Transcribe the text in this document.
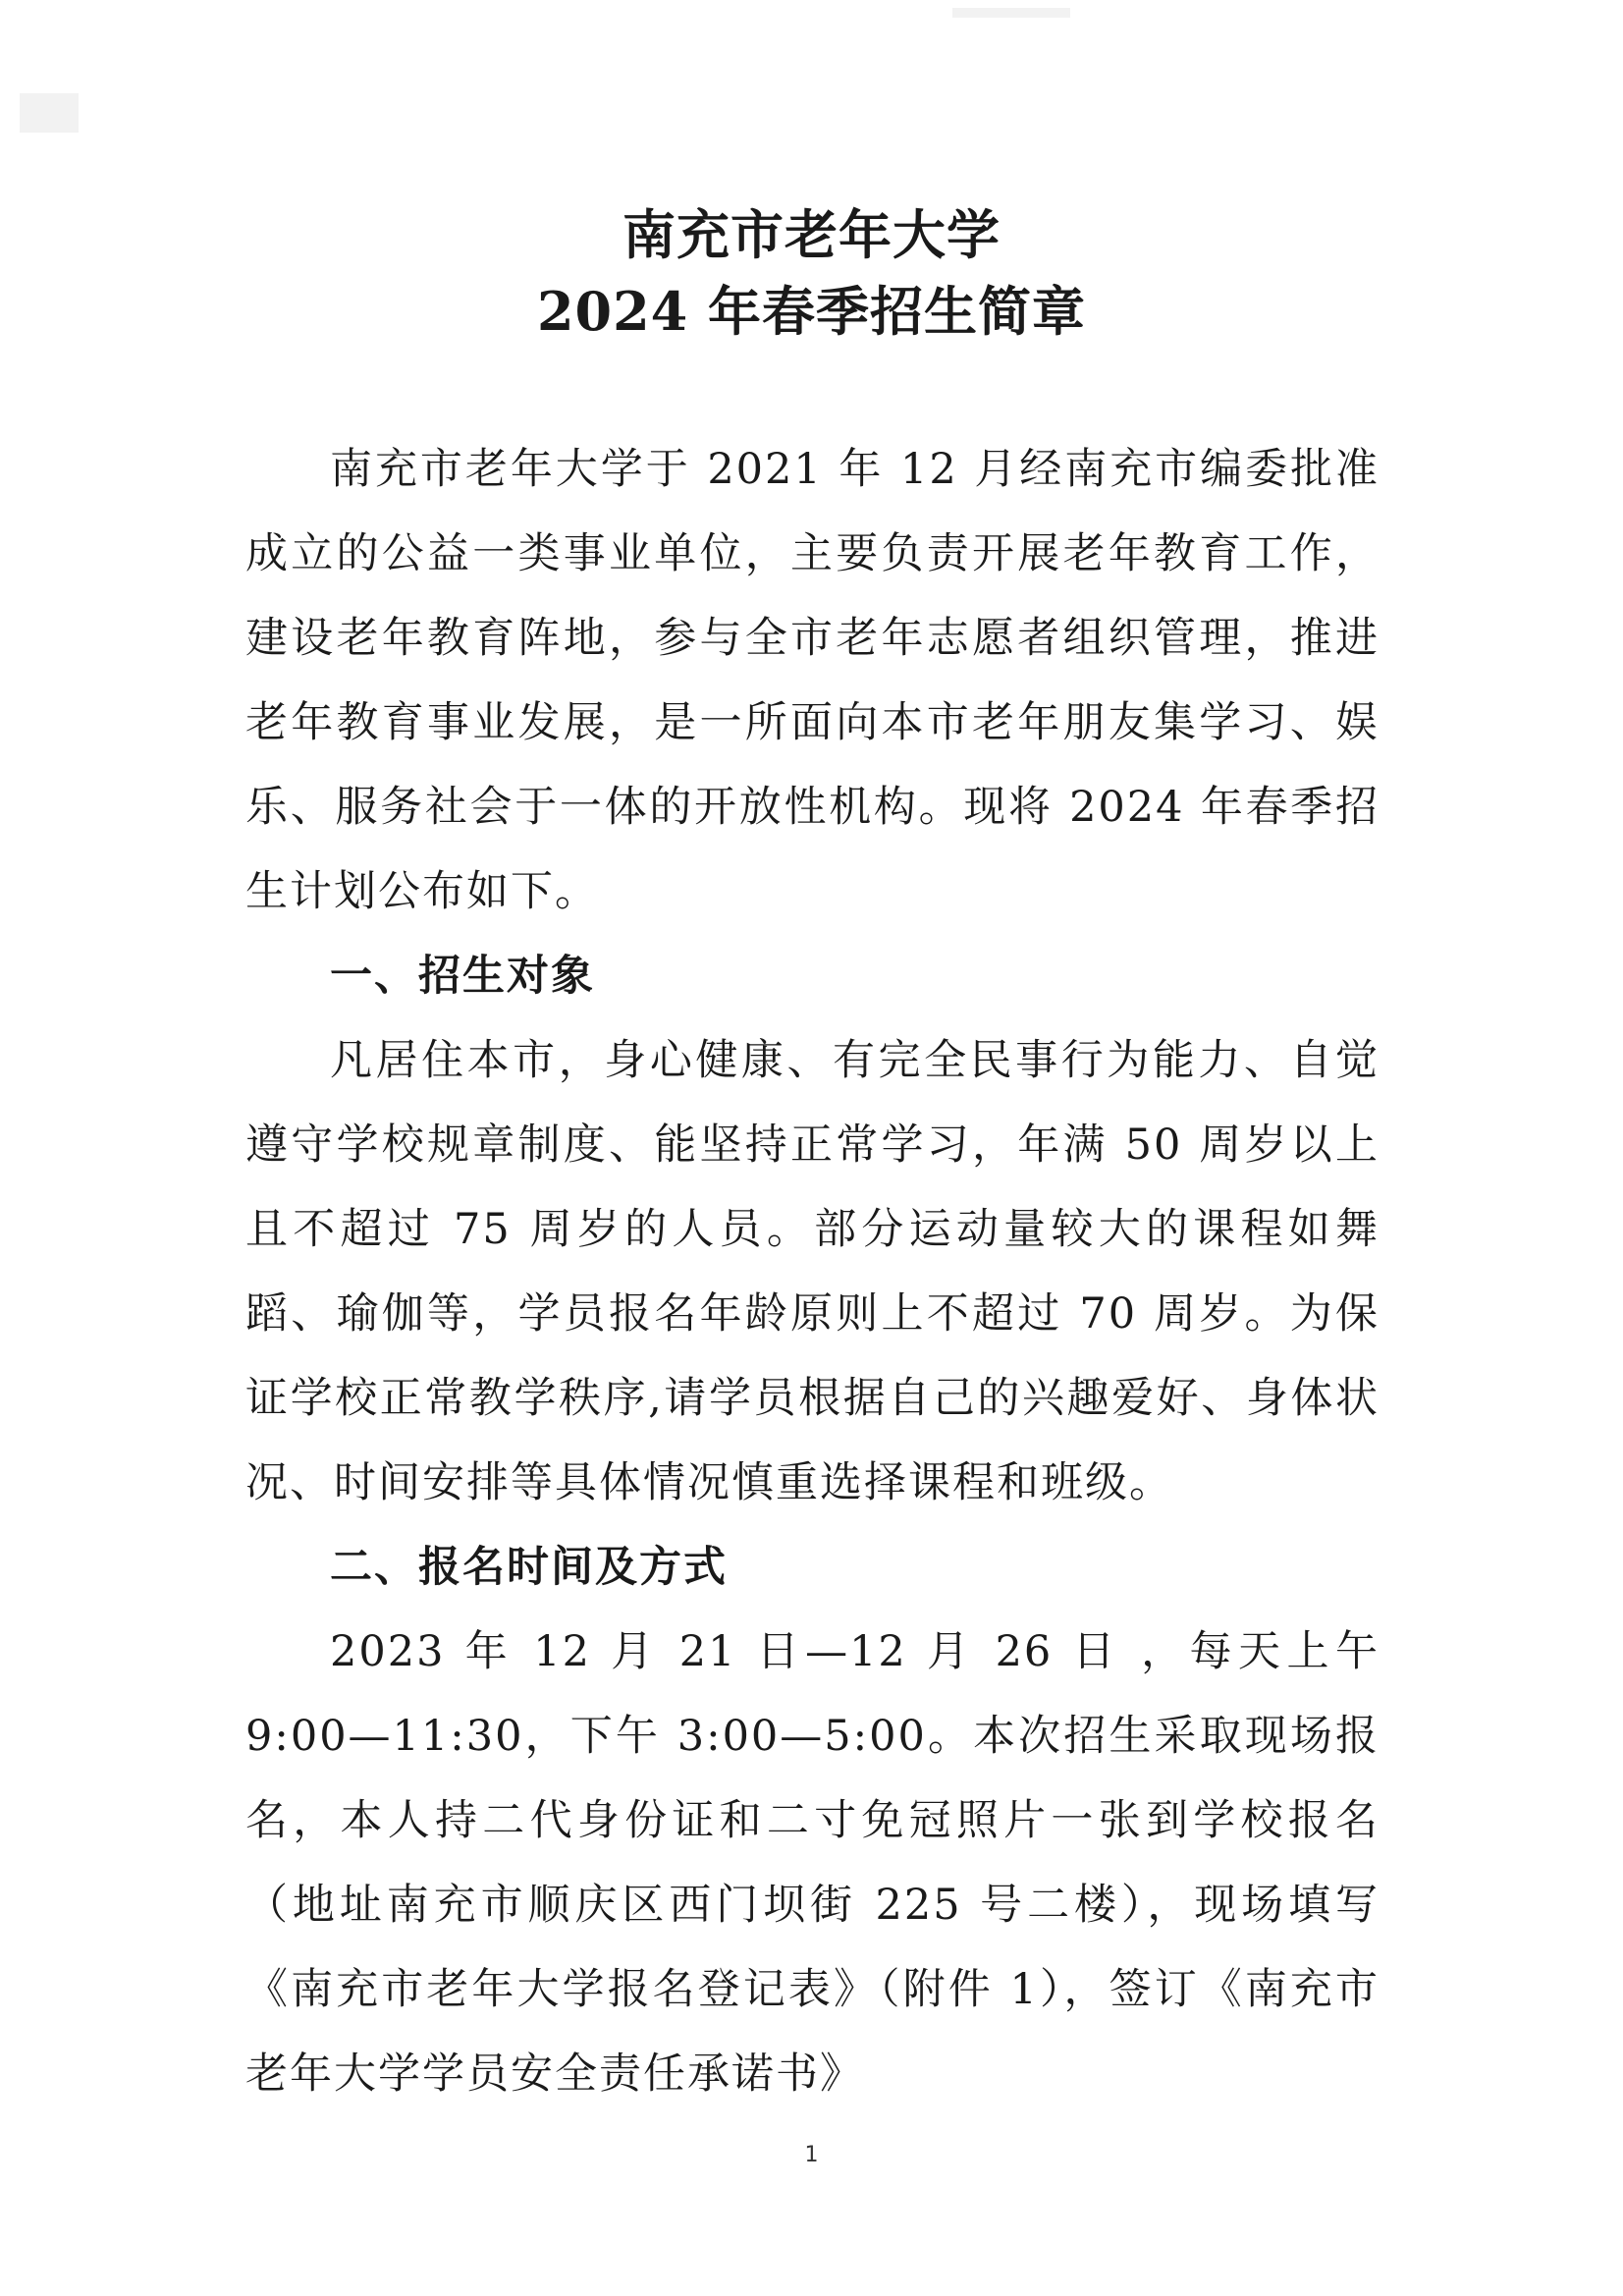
南充市老年大学
2024 年春季招生简章

南充市老年大学于 2021 年 12 月经南充市编委批准成立的公益一类事业单位，主要负责开展老年教育工作，建设老年教育阵地，参与全市老年志愿者组织管理，推进老年教育事业发展，是一所面向本市老年朋友集学习、娱乐、服务社会于一体的开放性机构。现将 2024 年春季招生计划公布如下。

一、招生对象

凡居住本市，身心健康、有完全民事行为能力、自觉遵守学校规章制度、能坚持正常学习，年满 50 周岁以上且不超过 75 周岁的人员。部分运动量较大的课程如舞蹈、瑜伽等，学员报名年龄原则上不超过 70 周岁。为保证学校正常教学秩序,请学员根据自己的兴趣爱好、身体状况、时间安排等具体情况慎重选择课程和班级。

二、报名时间及方式

2023 年 12 月 21 日—12 月 26 日 ，每天上午 9:00—11:30，下午 3:00—5:00。本次招生采取现场报名，本人持二代身份证和二寸免冠照片一张到学校报名（地址南充市顺庆区西门坝街 225 号二楼），现场填写《南充市老年大学报名登记表》（附件 1），签订《南充市老年大学学员安全责任承诺书》

1
